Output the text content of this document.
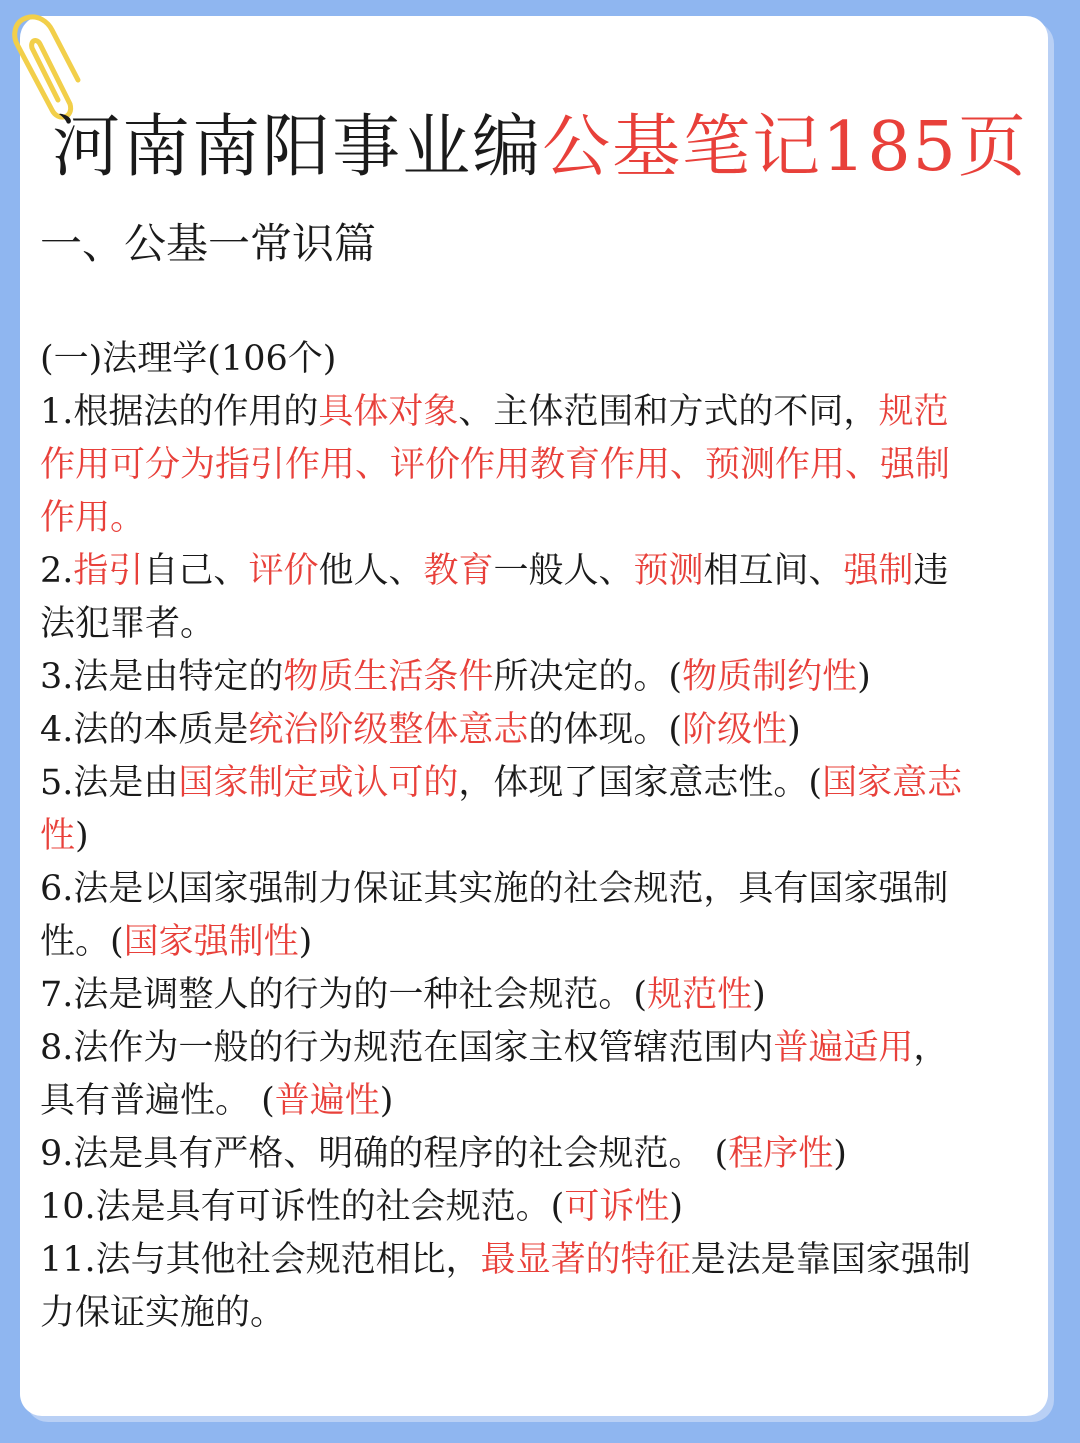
河南南阳事业编公基笔记185页
一、公基一常识篇

(一)法理学(106个)

1.根据法的作用的具体对象、主体范围和方式的不同，规范
作用可分为指引作用、评价作用教育作用、预测作用、强制
作用。

2.指引自己、评价他人、教育一般人、预测相互间、强制违
法犯罪者。

3.法是由特定的物质生活条件所决定的。(物质制约性)

4.法的本质是统治阶级整体意志的体现。(阶级性)

5.法是由国家制定或认可的，体现了国家意志性。(国家意志
性)

6.法是以国家强制力保证其实施的社会规范，具有国家强制
性。(国家强制性)

7.法是调整人的行为的一种社会规范。(规范性)

8.法作为一般的行为规范在国家主权管辖范围内普遍适用，
具有普遍性。 (普遍性)

9.法是具有严格、明确的程序的社会规范。 (程序性)

10.法是具有可诉性的社会规范。(可诉性)

11.法与其他社会规范相比，最显著的特征是法是靠国家强制
力保证实施的。
